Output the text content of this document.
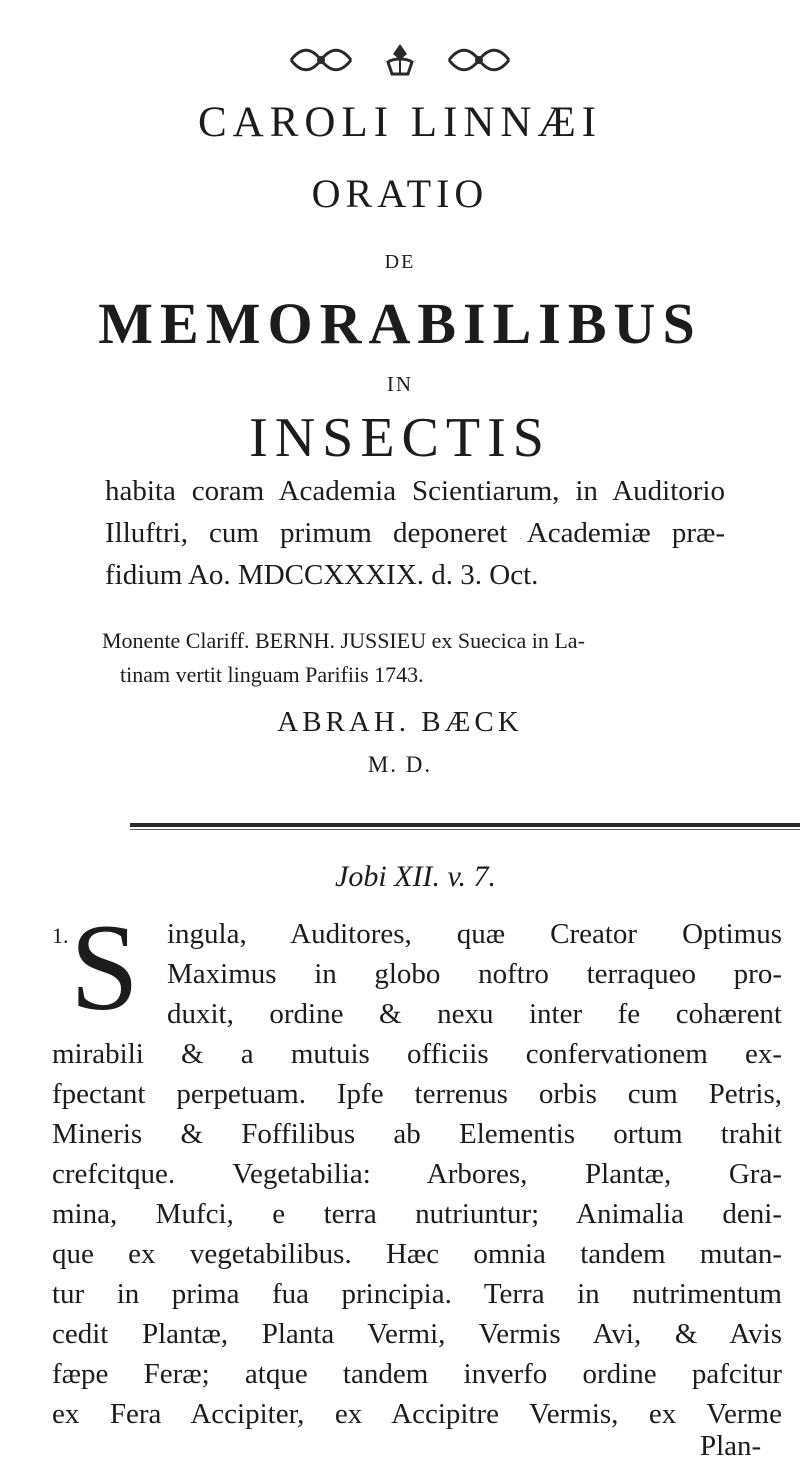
CAROLI LINNÆI
ORATIO
DE
MEMORABILIBUS
IN
INSECTIS
habita coram Academia Scientiarum, in Auditorio
Illuftri, cum primum deponeret Academiæ præ-
fidium Ao. MDCCXXXIX. d. 3. Oct.
Monente Clariff. BERNH. JUSSIEU ex Suecica in La-
tinam vertit linguam Parifiis 1743.
ABRAH. BÆCK
M. D.
Jobi XII. v. 7.
1. S ingula, Auditores, quæ Creator Optimus
Maximus in globo noftro terraqueo pro-
duxit, ordine & nexu inter fe cohærent
mirabili & a mutuis officiis confervationem ex-
fpectant perpetuam. Ipfe terrenus orbis cum Petris,
Mineris & Foffilibus ab Elementis ortum trahit
crefcitque. Vegetabilia: Arbores, Plantæ, Gra-
mina, Mufci, e terra nutriuntur; Animalia deni-
que ex vegetabilibus. Hæc omnia tandem mutan-
tur in prima fua principia. Terra in nutrimentum
cedit Plantæ, Planta Vermi, Vermis Avi, & Avis
fæpe Feræ; atque tandem inverfo ordine pafcitur
ex Fera Accipiter, ex Accipitre Vermis, ex Verme
Plan-
